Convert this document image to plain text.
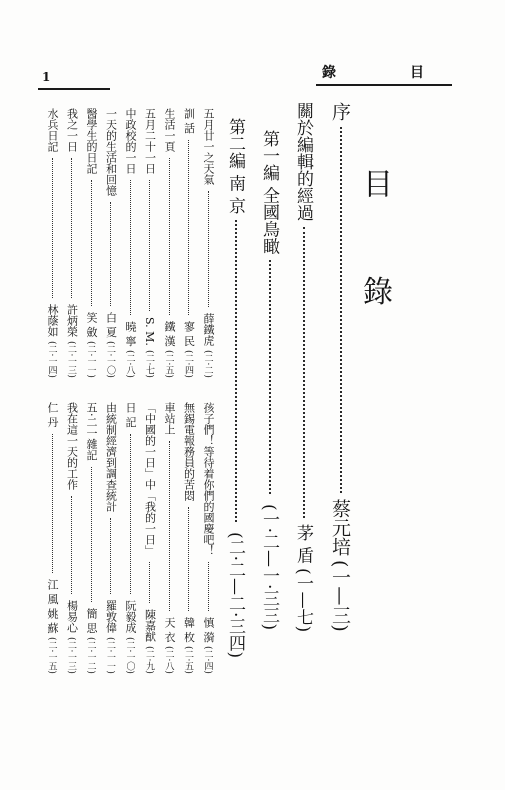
1	錄	目
目 錄
序
蔡元培
(一—三)
關於編輯的經過
茅 盾
(一—七)
第一編 全國鳥瞰
(一·二—一·三三)
第二編 南 京
(二·二—二·三四)
孩子們！等待着你們的國慶吧！
慎 漪
(二·四)
無錫電報務員的苦悶
韓 枚
(二·五)
車站上
天 衣
(二·八)
「中國的一日」中「我的一日」
陳嘉猷
(二·九)
日 記
阮毅成
(二·一〇)
由統制經濟到調查統計
羅敦偉
(二·一一)
五·二一雜記
簡 思
(二·一二)
我在這一天的工作
楊易心
(二·一三)
仁 丹
江 風 姚 蘇
(二·一五)
五月廿一之天氣
薛鐵虎
(二·二)
訓 話
寥 民
(二·四)
生活一頁
鐵 漢
(二·五)
五月二十一日
S. M.
(二·七)
中政校的一日
曉 寧
(二·八)
一天的生活和回憶
白 夏
(二·一〇)
醫學生的日記
笑 斂
(二·一一)
我之一日
許炳榮
(二·一三)
水兵日記
林蔭如
(二·一四)
